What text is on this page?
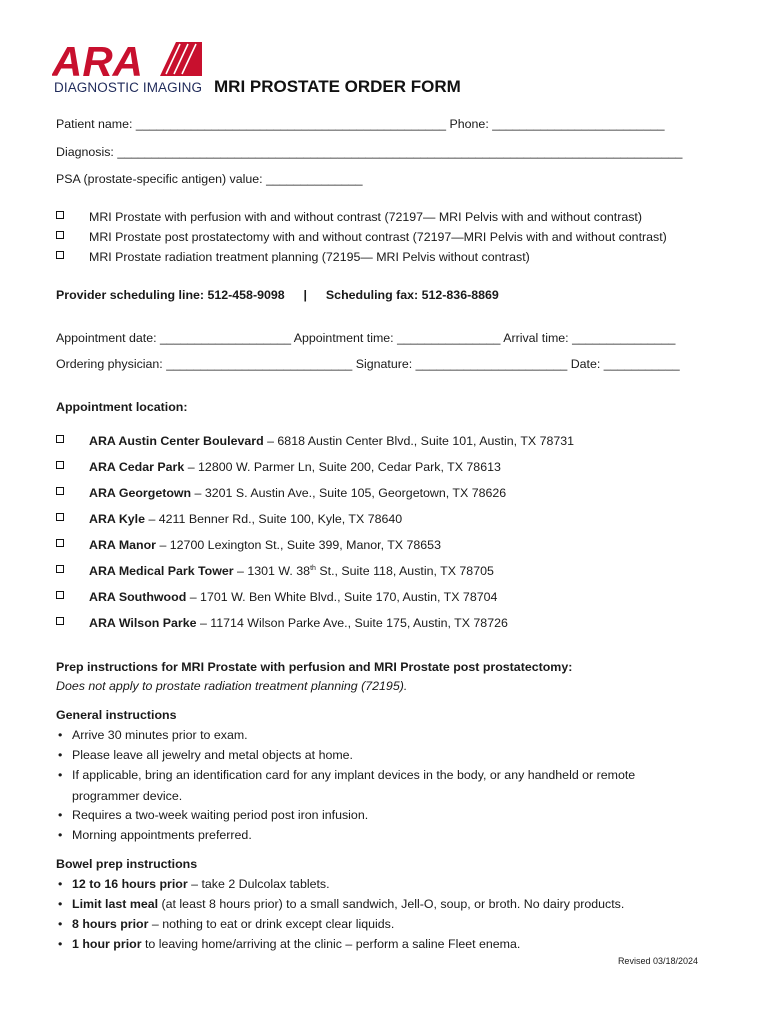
ARA
DIAGNOSTIC IMAGING MRI PROSTATE ORDER FORM
Patient name: _____________________________________________ Phone: _________________________
Diagnosis: __________________________________________________________________________________
PSA (prostate-specific antigen) value: ______________
MRI Prostate with perfusion with and without contrast (72197— MRI Pelvis with and without contrast)
MRI Prostate post prostatectomy with and without contrast (72197—MRI Pelvis with and without contrast)
MRI Prostate radiation treatment planning (72195— MRI Pelvis without contrast)
Provider scheduling line: 512-458-9098 | Scheduling fax: 512-836-8869
Appointment date: ___________________ Appointment time: _______________ Arrival time: _______________
Ordering physician: ___________________________ Signature: ______________________ Date: ___________
Appointment location:
ARA Austin Center Boulevard – 6818 Austin Center Blvd., Suite 101, Austin, TX 78731
ARA Cedar Park – 12800 W. Parmer Ln, Suite 200, Cedar Park, TX 78613
ARA Georgetown – 3201 S. Austin Ave., Suite 105, Georgetown, TX 78626
ARA Kyle – 4211 Benner Rd., Suite 100, Kyle, TX 78640
ARA Manor – 12700 Lexington St., Suite 399, Manor, TX 78653
ARA Medical Park Tower – 1301 W. 38th St., Suite 118, Austin, TX 78705
ARA Southwood – 1701 W. Ben White Blvd., Suite 170, Austin, TX 78704
ARA Wilson Parke – 11714 Wilson Parke Ave., Suite 175, Austin, TX 78726
Prep instructions for MRI Prostate with perfusion and MRI Prostate post prostatectomy:
Does not apply to prostate radiation treatment planning (72195).
General instructions
• Arrive 30 minutes prior to exam.
• Please leave all jewelry and metal objects at home.
• If applicable, bring an identification card for any implant devices in the body, or any handheld or remote
programmer device.
• Requires a two-week waiting period post iron infusion.
• Morning appointments preferred.
Bowel prep instructions
• 12 to 16 hours prior – take 2 Dulcolax tablets.
• Limit last meal (at least 8 hours prior) to a small sandwich, Jell-O, soup, or broth. No dairy products.
• 8 hours prior – nothing to eat or drink except clear liquids.
• 1 hour prior to leaving home/arriving at the clinic – perform a saline Fleet enema.
Revised 03/18/2024
